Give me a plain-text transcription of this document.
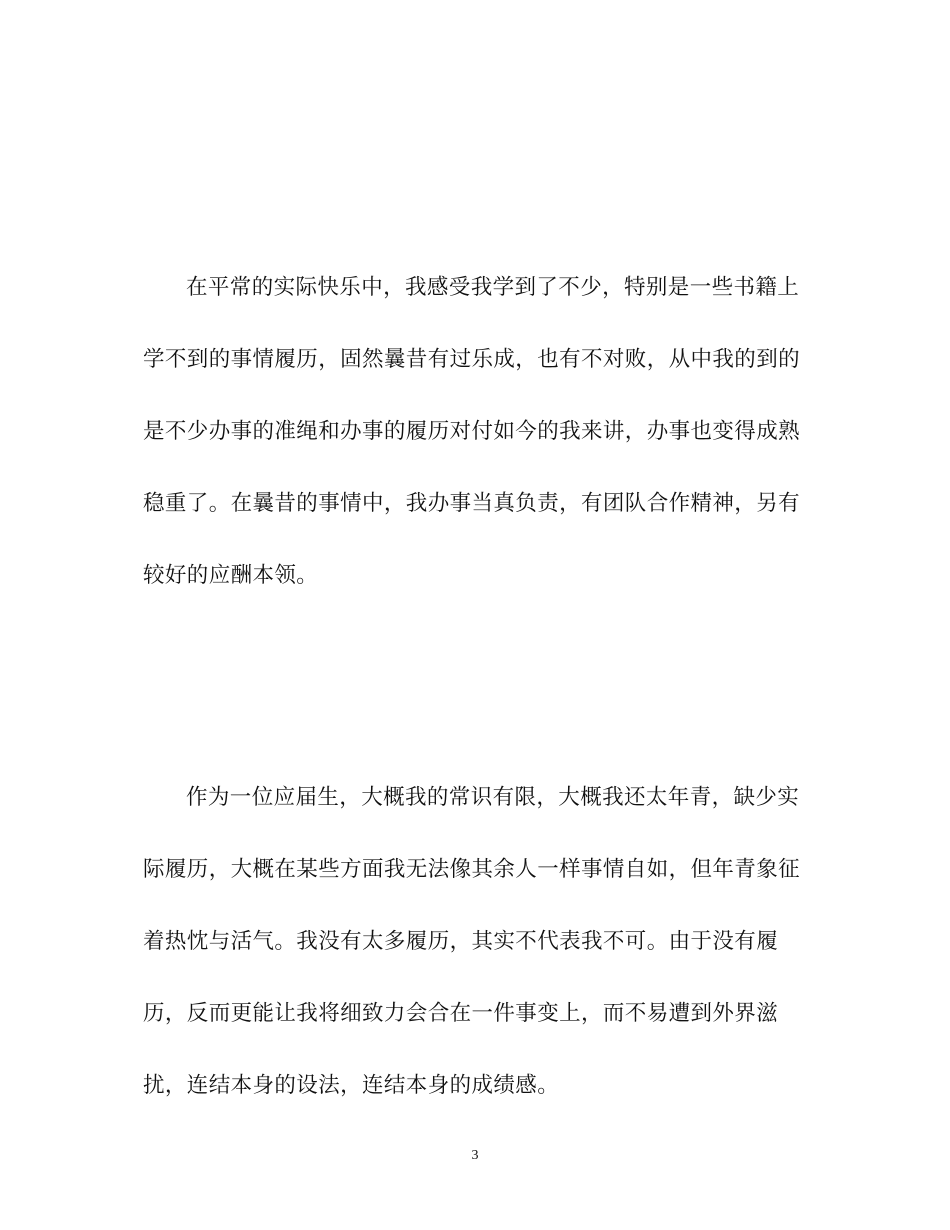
在平常的实际快乐中，我感受我学到了不少，特别是一些书籍上
学不到的事情履历，固然曩昔有过乐成，也有不对败，从中我的到的
是不少办事的准绳和办事的履历对付如今的我来讲，办事也变得成熟
稳重了。在曩昔的事情中，我办事当真负责，有团队合作精神，另有
较好的应酬本领。
作为一位应届生，大概我的常识有限，大概我还太年青，缺少实
际履历，大概在某些方面我无法像其余人一样事情自如，但年青象征
着热忱与活气。我没有太多履历，其实不代表我不可。由于没有履
历，反而更能让我将细致力会合在一件事变上，而不易遭到外界滋
扰，连结本身的设法，连结本身的成绩感。
3
